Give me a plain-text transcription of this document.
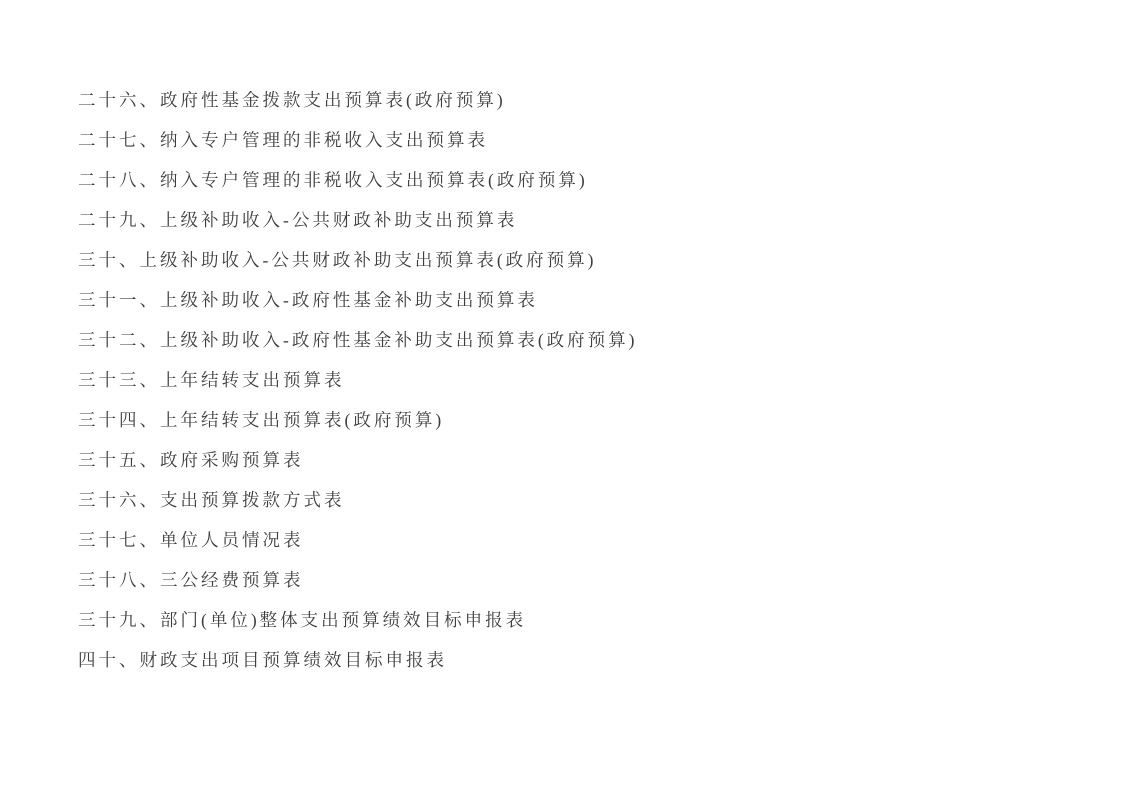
二十六、政府性基金拨款支出预算表(政府预算)
二十七、纳入专户管理的非税收入支出预算表
二十八、纳入专户管理的非税收入支出预算表(政府预算)
二十九、上级补助收入-公共财政补助支出预算表
三十、上级补助收入-公共财政补助支出预算表(政府预算)
三十一、上级补助收入-政府性基金补助支出预算表
三十二、上级补助收入-政府性基金补助支出预算表(政府预算)
三十三、上年结转支出预算表
三十四、上年结转支出预算表(政府预算)
三十五、政府采购预算表
三十六、支出预算拨款方式表
三十七、单位人员情况表
三十八、三公经费预算表
三十九、部门(单位)整体支出预算绩效目标申报表
四十、财政支出项目预算绩效目标申报表
